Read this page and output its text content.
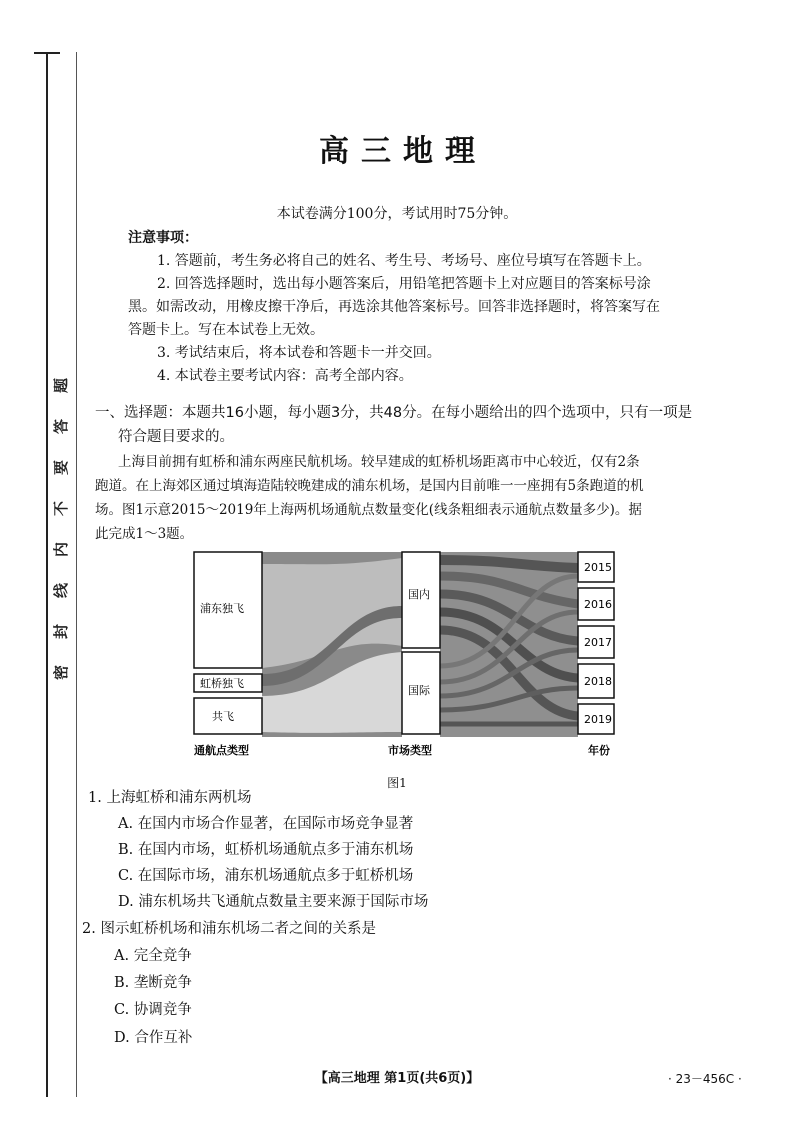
题
答
要
不
内
线
封
密
高三地理
本试卷满分100分，考试用时75分钟。
注意事项：
1. 答题前，考生务必将自己的姓名、考生号、考场号、座位号填写在答题卡上。
2. 回答选择题时，选出每小题答案后，用铅笔把答题卡上对应题目的答案标号涂
黑。如需改动，用橡皮擦干净后，再选涂其他答案标号。回答非选择题时，将答案写在
答题卡上。写在本试卷上无效。
3. 考试结束后，将本试卷和答题卡一并交回。
4. 本试卷主要考试内容：高考全部内容。
一、选择题：本题共16小题，每小题3分，共48分。在每小题给出的四个选项中，只有一项是
符合题目要求的。
上海目前拥有虹桥和浦东两座民航机场。较早建成的虹桥机场距离市中心较近，仅有2条
跑道。在上海郊区通过填海造陆较晚建成的浦东机场，是国内目前唯一一座拥有5条跑道的机
场。图1示意2015～2019年上海两机场通航点数量变化(线条粗细表示通航点数量多少)。据
此完成1～3题。
浦东独飞
虹桥独飞
共飞
国内
国际
2015
2016
2017
2018
2019
通航点类型	市场类型	年份
图1
1. 上海虹桥和浦东两机场
A. 在国内市场合作显著，在国际市场竞争显著
B. 在国内市场，虹桥机场通航点多于浦东机场
C. 在国际市场，浦东机场通航点多于虹桥机场
D. 浦东机场共飞通航点数量主要来源于国际市场
2. 图示虹桥机场和浦东机场二者之间的关系是
A. 完全竞争
B. 垄断竞争
C. 协调竞争
D. 合作互补
【高三地理 第1页(共6页)】	· 23－456C ·
